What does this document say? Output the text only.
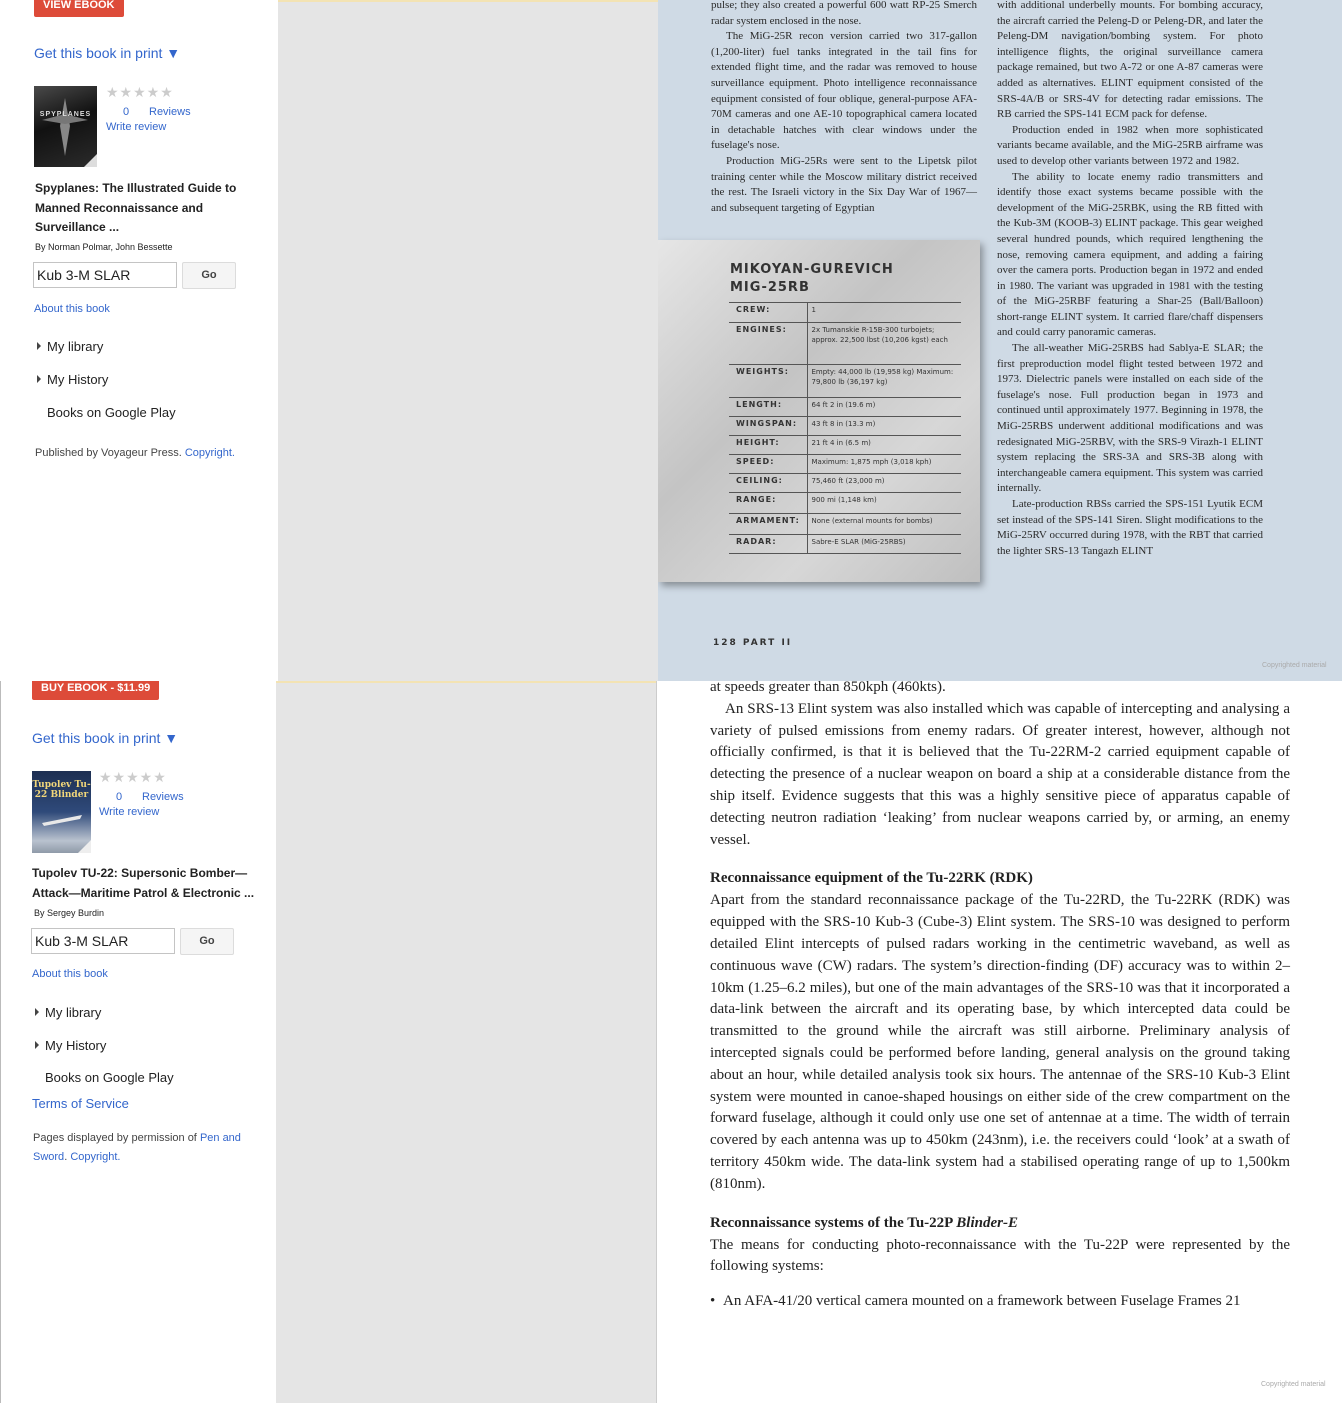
VIEW EBOOK
Get this book in print ▼
SPYPLANES
★★★★★
0 Reviews
Write review
Spyplanes: The Illustrated Guide to Manned Reconnaissance and Surveillance ...
By Norman Polmar, John Bessette
Kub 3-M SLAR
Go
About this book
My library
My History
Books on Google Play
Published by Voyageur Press. Copyright.

pulse; they also created a powerful 600 watt RP-25 Smerch radar system enclosed in the nose.

The MiG-25R recon version carried two 317-gallon (1,200-liter) fuel tanks integrated in the tail fins for extended flight time, and the radar was removed to house surveillance equipment. Photo intelligence reconnaissance equipment consisted of four oblique, general-purpose AFA-70M cameras and one AE-10 topographical camera located in detachable hatches with clear windows under the fuselage's nose.

Production MiG-25Rs were sent to the Lipetsk pilot training center while the Moscow military district received the rest. The Israeli victory in the Six Day War of 1967—and subsequent targeting of Egyptian

with additional underbelly mounts. For bombing accuracy, the aircraft carried the Peleng-D or Peleng-DR, and later the Peleng-DM navigation/bombing system. For photo intelligence flights, the original surveillance camera package remained, but two A-72 or one A-87 cameras were added as alternatives. ELINT equipment consisted of the SRS-4A/B or SRS-4V for detecting radar emissions. The RB carried the SPS-141 ECM pack for defense.

Production ended in 1982 when more sophisticated variants became available, and the MiG-25RB airframe was used to develop other variants between 1972 and 1982.

The ability to locate enemy radio transmitters and identify those exact systems became possible with the development of the MiG-25RBK, using the RB fitted with the Kub-3M (KOOB-3) ELINT package. This gear weighed several hundred pounds, which required lengthening the nose, removing camera equipment, and adding a fairing over the camera ports. Production began in 1972 and ended in 1980. The variant was upgraded in 1981 with the testing of the MiG-25RBF featuring a Shar-25 (Ball/Balloon) short-range ELINT system. It carried flare/chaff dispensers and could carry panoramic cameras.

The all-weather MiG-25RBS had Sablya-E SLAR; the first preproduction model flight tested between 1972 and 1973. Dielectric panels were installed on each side of the fuselage's nose. Full production began in 1973 and continued until approximately 1977. Beginning in 1978, the MiG-25RBS underwent additional modifications and was redesignated MiG-25RBV, with the SRS-9 Virazh-1 ELINT system replacing the SRS-3A and SRS-3B along with interchangeable camera equipment. This system was carried internally.

Late-production RBSs carried the SPS-151 Lyutik ECM set instead of the SPS-141 Siren. Slight modifications to the MiG-25RV occurred during 1978, with the RBT that carried the lighter SRS-13 Tangazh ELINT

MIKOYAN-GUREVICH
MIG-25RB
CREW:	1
ENGINES:	2x Tumanskie R-15B-300 turbojets; approx. 22,500 lbst (10,206 kgst) each
WEIGHTS:	Empty: 44,000 lb (19,958 kg) Maximum: 79,800 lb (36,197 kg)
LENGTH:	64 ft 2 in (19.6 m)
WINGSPAN:	43 ft 8 in (13.3 m)
HEIGHT:	21 ft 4 in (6.5 m)
SPEED:	Maximum: 1,875 mph (3,018 kph)
CEILING:	75,460 ft (23,000 m)
RANGE:	900 mi (1,148 km)
ARMAMENT:	None (external mounts for bombs)
RADAR:	Sabre-E SLAR (MiG-25RBS)
128 PART II
Copyrighted material
BUY EBOOK - $11.99
Get this book in print ▼
Tupolev Tu-22 Blinder
★★★★★
0 Reviews
Write review
Tupolev TU-22: Supersonic Bomber—Attack—Maritime Patrol & Electronic ...
By Sergey Burdin
Kub 3-M SLAR
Go
About this book
My library
My History
Books on Google Play
Terms of Service
Pages displayed by permission of Pen and Sword. Copyright.

at speeds greater than 850kph (460kts).

An SRS-13 Elint system was also installed which was capable of intercepting and analysing a variety of pulsed emissions from enemy radars. Of greater interest, however, although not officially confirmed, is that it is believed that the Tu-22RM-2 carried equipment capable of detecting the presence of a nuclear weapon on board a ship at a considerable distance from the ship itself. Evidence suggests that this was a highly sensitive piece of apparatus capable of detecting neutron radiation ‘leaking’ from nuclear weapons carried by, or arming, an enemy vessel.

Reconnaissance equipment of the Tu-22RK (RDK)

Apart from the standard reconnaissance package of the Tu-22RD, the Tu-22RK (RDK) was equipped with the SRS-10 Kub-3 (Cube-3) Elint system. The SRS-10 was designed to perform detailed Elint intercepts of pulsed radars working in the centimetric waveband, as well as continuous wave (CW) radars. The system’s direction-finding (DF) accuracy was to within 2–10km (1.25–6.2 miles), but one of the main advantages of the SRS-10 was that it incorporated a data-link between the aircraft and its operating base, by which intercepted data could be transmitted to the ground while the aircraft was still airborne. Preliminary analysis of intercepted signals could be performed before landing, general analysis on the ground taking about an hour, while detailed analysis took six hours. The antennae of the SRS-10 Kub-3 Elint system were mounted in canoe-shaped housings on either side of the crew compartment on the forward fuselage, although it could only use one set of antennae at a time. The width of terrain covered by each antenna was up to 450km (243nm), i.e. the receivers could ‘look’ at a swath of territory 450km wide. The data-link system had a stabilised operating range of up to 1,500km (810nm).

Reconnaissance systems of the Tu-22P Blinder-E

The means for conducting photo-reconnaissance with the Tu-22P were represented by the following systems:

• An AFA-41/20 vertical camera mounted on a framework between Fuselage Frames 21
Copyrighted material
